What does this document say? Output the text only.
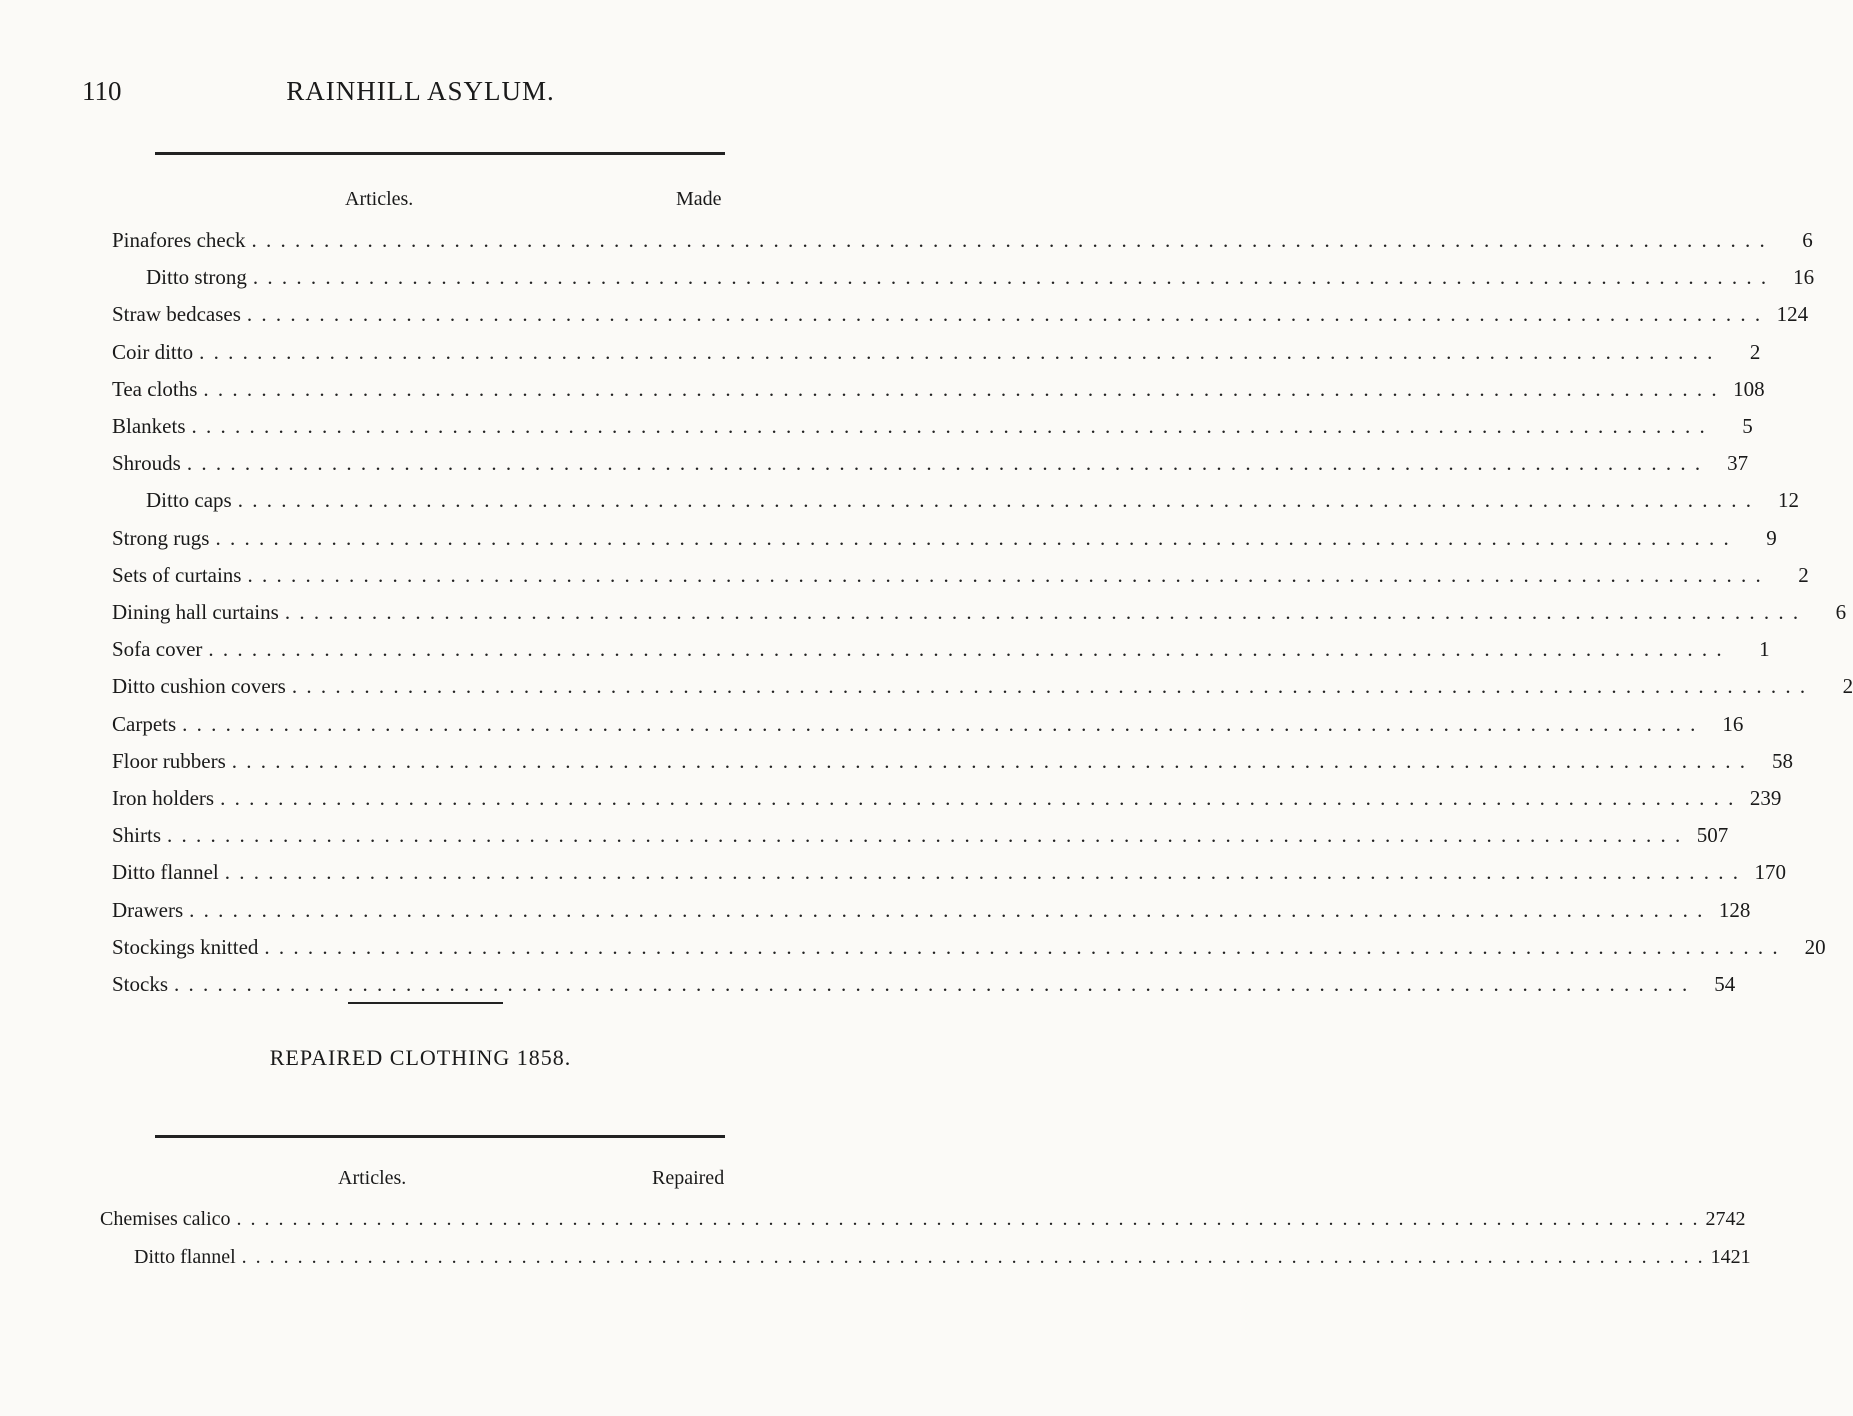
110	RAINHILL ASYLUM.
Articles.	Made
Pinafores check . . . . . . . . . . . . . . . . . . . . . . . . . . . . . . . . . . . . . . . . . . . . . . . . . . . . . . . . . . . . . . . . . . . . . . . . . . . . . . . . . . . . . . . . . . . . . . . . . . . . . . . . .	6
Ditto strong . . . . . . . . . . . . . . . . . . . . . . . . . . . . . . . . . . . . . . . . . . . . . . . . . . . . . . . . . . . . . . . . . . . . . . . . . . . . . . . . . . . . . . . . . . . . . . . . . . . . . . . . .	16
Straw bedcases . . . . . . . . . . . . . . . . . . . . . . . . . . . . . . . . . . . . . . . . . . . . . . . . . . . . . . . . . . . . . . . . . . . . . . . . . . . . . . . . . . . . . . . . . . . . . . . . . . . . . . . . . 124
Coir ditto . . . . . . . . . . . . . . . . . . . . . . . . . . . . . . . . . . . . . . . . . . . . . . . . . . . . . . . . . . . . . . . . . . . . . . . . . . . . . . . . . . . . . . . . . . . . . . . . . . . . . . . . .	2
Tea cloths . . . . . . . . . . . . . . . . . . . . . . . . . . . . . . . . . . . . . . . . . . . . . . . . . . . . . . . . . . . . . . . . . . . . . . . . . . . . . . . . . . . . . . . . . . . . . . . . . . . . . . . . . 108
Blankets . . . . . . . . . . . . . . . . . . . . . . . . . . . . . . . . . . . . . . . . . . . . . . . . . . . . . . . . . . . . . . . . . . . . . . . . . . . . . . . . . . . . . . . . . . . . . . . . . . . . . . . . .	5
Shrouds . . . . . . . . . . . . . . . . . . . . . . . . . . . . . . . . . . . . . . . . . . . . . . . . . . . . . . . . . . . . . . . . . . . . . . . . . . . . . . . . . . . . . . . . . . . . . . . . . . . . . . . . .	37
Ditto caps . . . . . . . . . . . . . . . . . . . . . . . . . . . . . . . . . . . . . . . . . . . . . . . . . . . . . . . . . . . . . . . . . . . . . . . . . . . . . . . . . . . . . . . . . . . . . . . . . . . . . . . . .	12
Strong rugs . . . . . . . . . . . . . . . . . . . . . . . . . . . . . . . . . . . . . . . . . . . . . . . . . . . . . . . . . . . . . . . . . . . . . . . . . . . . . . . . . . . . . . . . . . . . . . . . . . . . . . . . .	9
Sets of curtains . . . . . . . . . . . . . . . . . . . . . . . . . . . . . . . . . . . . . . . . . . . . . . . . . . . . . . . . . . . . . . . . . . . . . . . . . . . . . . . . . . . . . . . . . . . . . . . . . . . . . . . . .	2
Dining hall curtains . . . . . . . . . . . . . . . . . . . . . . . . . . . . . . . . . . . . . . . . . . . . . . . . . . . . . . . . . . . . . . . . . . . . . . . . . . . . . . . . . . . . . . . . . . . . . . . . . . . . . . . . .	6
Sofa cover . . . . . . . . . . . . . . . . . . . . . . . . . . . . . . . . . . . . . . . . . . . . . . . . . . . . . . . . . . . . . . . . . . . . . . . . . . . . . . . . . . . . . . . . . . . . . . . . . . . . . . . . .	1
Ditto cushion covers . . . . . . . . . . . . . . . . . . . . . . . . . . . . . . . . . . . . . . . . . . . . . . . . . . . . . . . . . . . . . . . . . . . . . . . . . . . . . . . . . . . . . . . . . . . . . . . . . . . . . . . . .	2
Carpets . . . . . . . . . . . . . . . . . . . . . . . . . . . . . . . . . . . . . . . . . . . . . . . . . . . . . . . . . . . . . . . . . . . . . . . . . . . . . . . . . . . . . . . . . . . . . . . . . . . . . . . . .	16
Floor rubbers . . . . . . . . . . . . . . . . . . . . . . . . . . . . . . . . . . . . . . . . . . . . . . . . . . . . . . . . . . . . . . . . . . . . . . . . . . . . . . . . . . . . . . . . . . . . . . . . . . . . . . . . .	58
Iron holders . . . . . . . . . . . . . . . . . . . . . . . . . . . . . . . . . . . . . . . . . . . . . . . . . . . . . . . . . . . . . . . . . . . . . . . . . . . . . . . . . . . . . . . . . . . . . . . . . . . . . . . . . 239
Shirts . . . . . . . . . . . . . . . . . . . . . . . . . . . . . . . . . . . . . . . . . . . . . . . . . . . . . . . . . . . . . . . . . . . . . . . . . . . . . . . . . . . . . . . . . . . . . . . . . . . . . . . . . 507
Ditto flannel . . . . . . . . . . . . . . . . . . . . . . . . . . . . . . . . . . . . . . . . . . . . . . . . . . . . . . . . . . . . . . . . . . . . . . . . . . . . . . . . . . . . . . . . . . . . . . . . . . . . . . . . . 170
Drawers . . . . . . . . . . . . . . . . . . . . . . . . . . . . . . . . . . . . . . . . . . . . . . . . . . . . . . . . . . . . . . . . . . . . . . . . . . . . . . . . . . . . . . . . . . . . . . . . . . . . . . . . . 128
Stockings knitted . . . . . . . . . . . . . . . . . . . . . . . . . . . . . . . . . . . . . . . . . . . . . . . . . . . . . . . . . . . . . . . . . . . . . . . . . . . . . . . . . . . . . . . . . . . . . . . . . . . . . . . . .	20
Stocks . . . . . . . . . . . . . . . . . . . . . . . . . . . . . . . . . . . . . . . . . . . . . . . . . . . . . . . . . . . . . . . . . . . . . . . . . . . . . . . . . . . . . . . . . . . . . . . . . . . . . . . . .	54
REPAIRED CLOTHING 1858.
Articles.	Repaired
Chemises calico . . . . . . . . . . . . . . . . . . . . . . . . . . . . . . . . . . . . . . . . . . . . . . . . . . . . . . . . . . . . . . . . . . . . . . . . . . . . . . . . . . . . . . . . . . . . . . . . . . . . . . . . . 2742
Ditto flannel . . . . . . . . . . . . . . . . . . . . . . . . . . . . . . . . . . . . . . . . . . . . . . . . . . . . . . . . . . . . . . . . . . . . . . . . . . . . . . . . . . . . . . . . . . . . . . . . . . . . . . . . . 1421
